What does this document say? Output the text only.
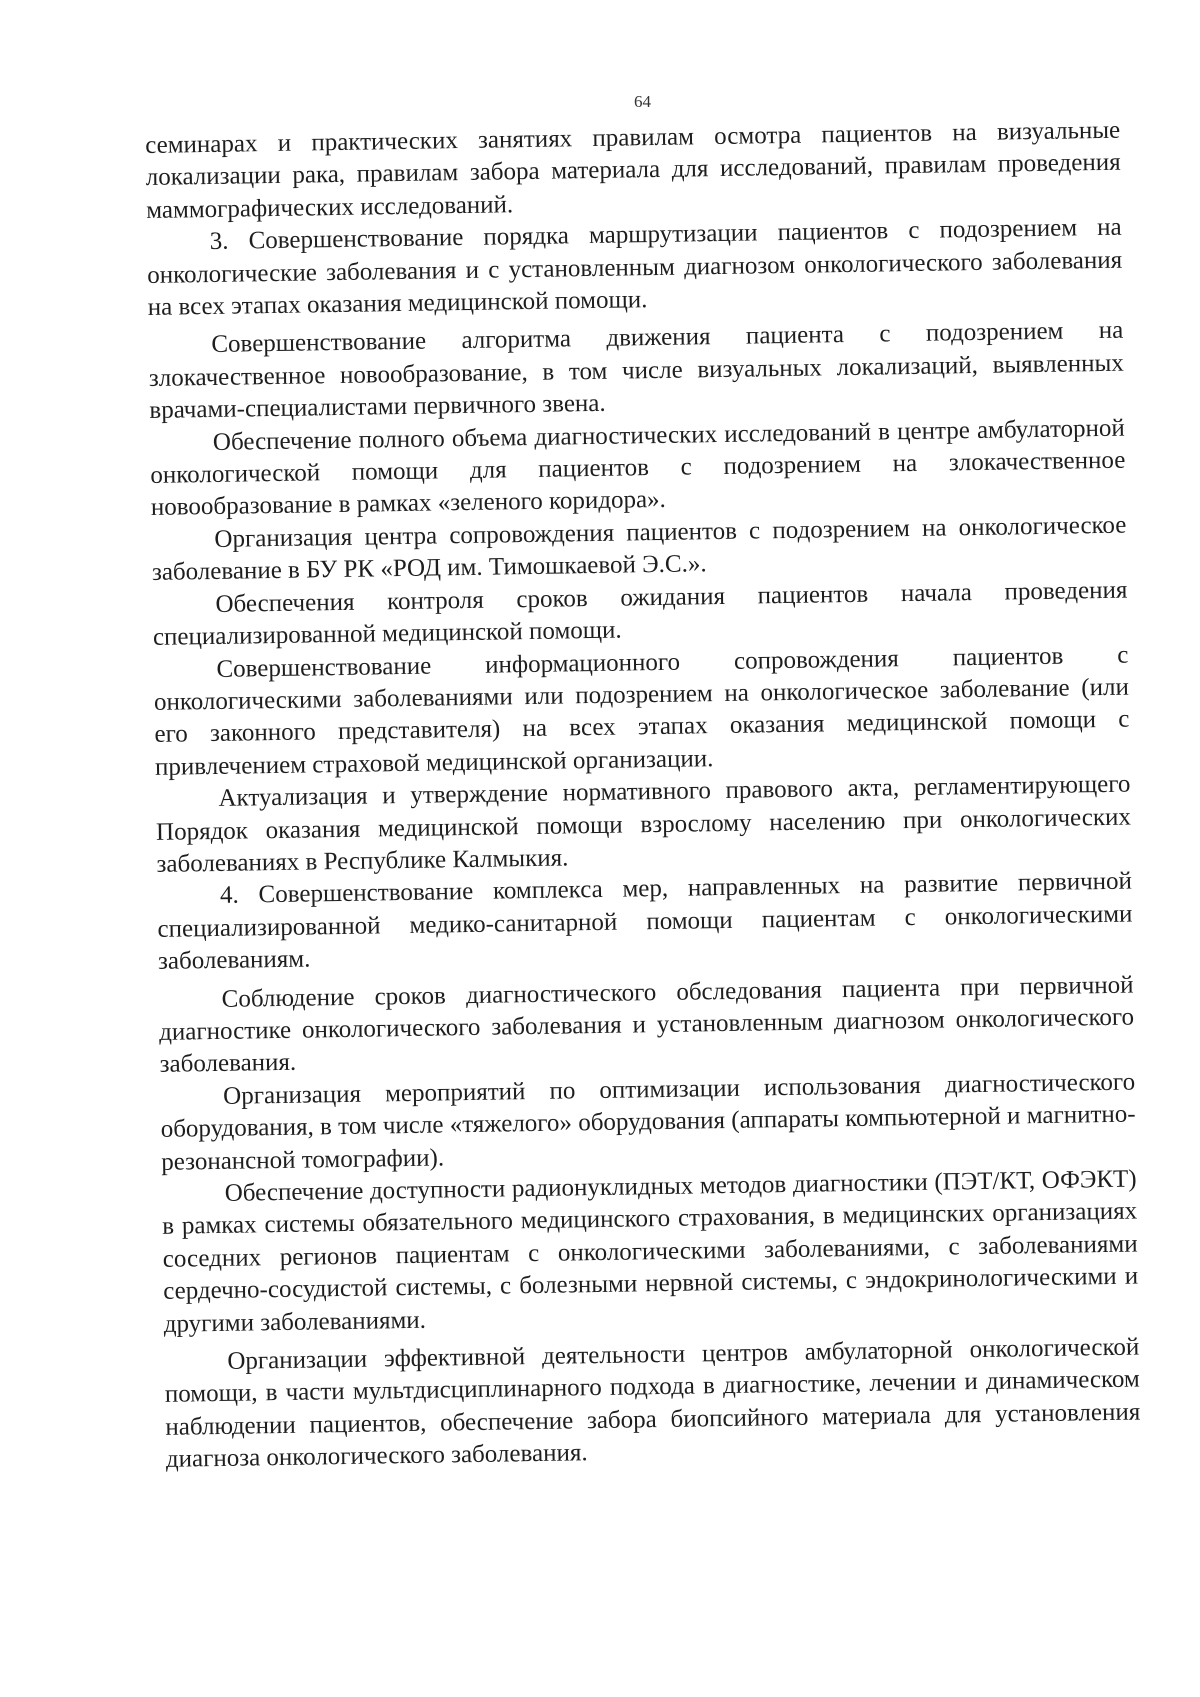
64

семинарах и практических занятиях правилам осмотра пациентов на визуальные локализации рака, правилам забора материала для исследований, правилам проведения маммографических исследований.

3. Совершенствование порядка маршрутизации пациентов с подозрением на онкологические заболевания и с установленным диагнозом онкологического заболевания на всех этапах оказания медицинской помощи.

Совершенствование алгоритма движения пациента с подозрением на злокачественное новообразование, в том числе визуальных локализаций, выявленных врачами-специалистами первичного звена.

Обеспечение полного объема диагностических исследований в центре амбулаторной онкологической помощи для пациентов с подозрением на злокачественное новообразование в рамках «зеленого коридора».

Организация центра сопровождения пациентов с подозрением на онкологическое заболевание в БУ РК «РОД им. Тимошкаевой Э.С.».

Обеспечения контроля сроков ожидания пациентов начала проведения специализированной медицинской помощи.

Совершенствование информационного сопровождения пациентов с онкологическими заболеваниями или подозрением на онкологическое заболевание (или его законного представителя) на всех этапах оказания медицинской помощи с привлечением страховой медицинской организации.

Актуализация и утверждение нормативного правового акта, регламентирующего Порядок оказания медицинской помощи взрослому населению при онкологических заболеваниях в Республике Калмыкия.

4. Совершенствование комплекса мер, направленных на развитие первичной специализированной медико-санитарной помощи пациентам с онкологическими заболеваниям.

Соблюдение сроков диагностического обследования пациента при первичной диагностике онкологического заболевания и установленным диагнозом онкологического заболевания.

Организация мероприятий по оптимизации использования диагностического оборудования, в том числе «тяжелого» оборудования (аппараты компьютерной и магнитно-резонансной томографии).

Обеспечение доступности радионуклидных методов диагностики (ПЭТ/КТ, ОФЭКТ) в рамках системы обязательного медицинского страхования, в медицинских организациях соседних регионов пациентам с онкологическими заболеваниями, с заболеваниями сердечно-сосудистой системы, с болезными нервной системы, с эндокринологическими и другими заболеваниями.

Организации эффективной деятельности центров амбулаторной онкологической помощи, в части мультдисциплинарного подхода в диагностике, лечении и динамическом наблюдении пациентов, обеспечение забора биопсийного материала для установления диагноза онкологического заболевания.
